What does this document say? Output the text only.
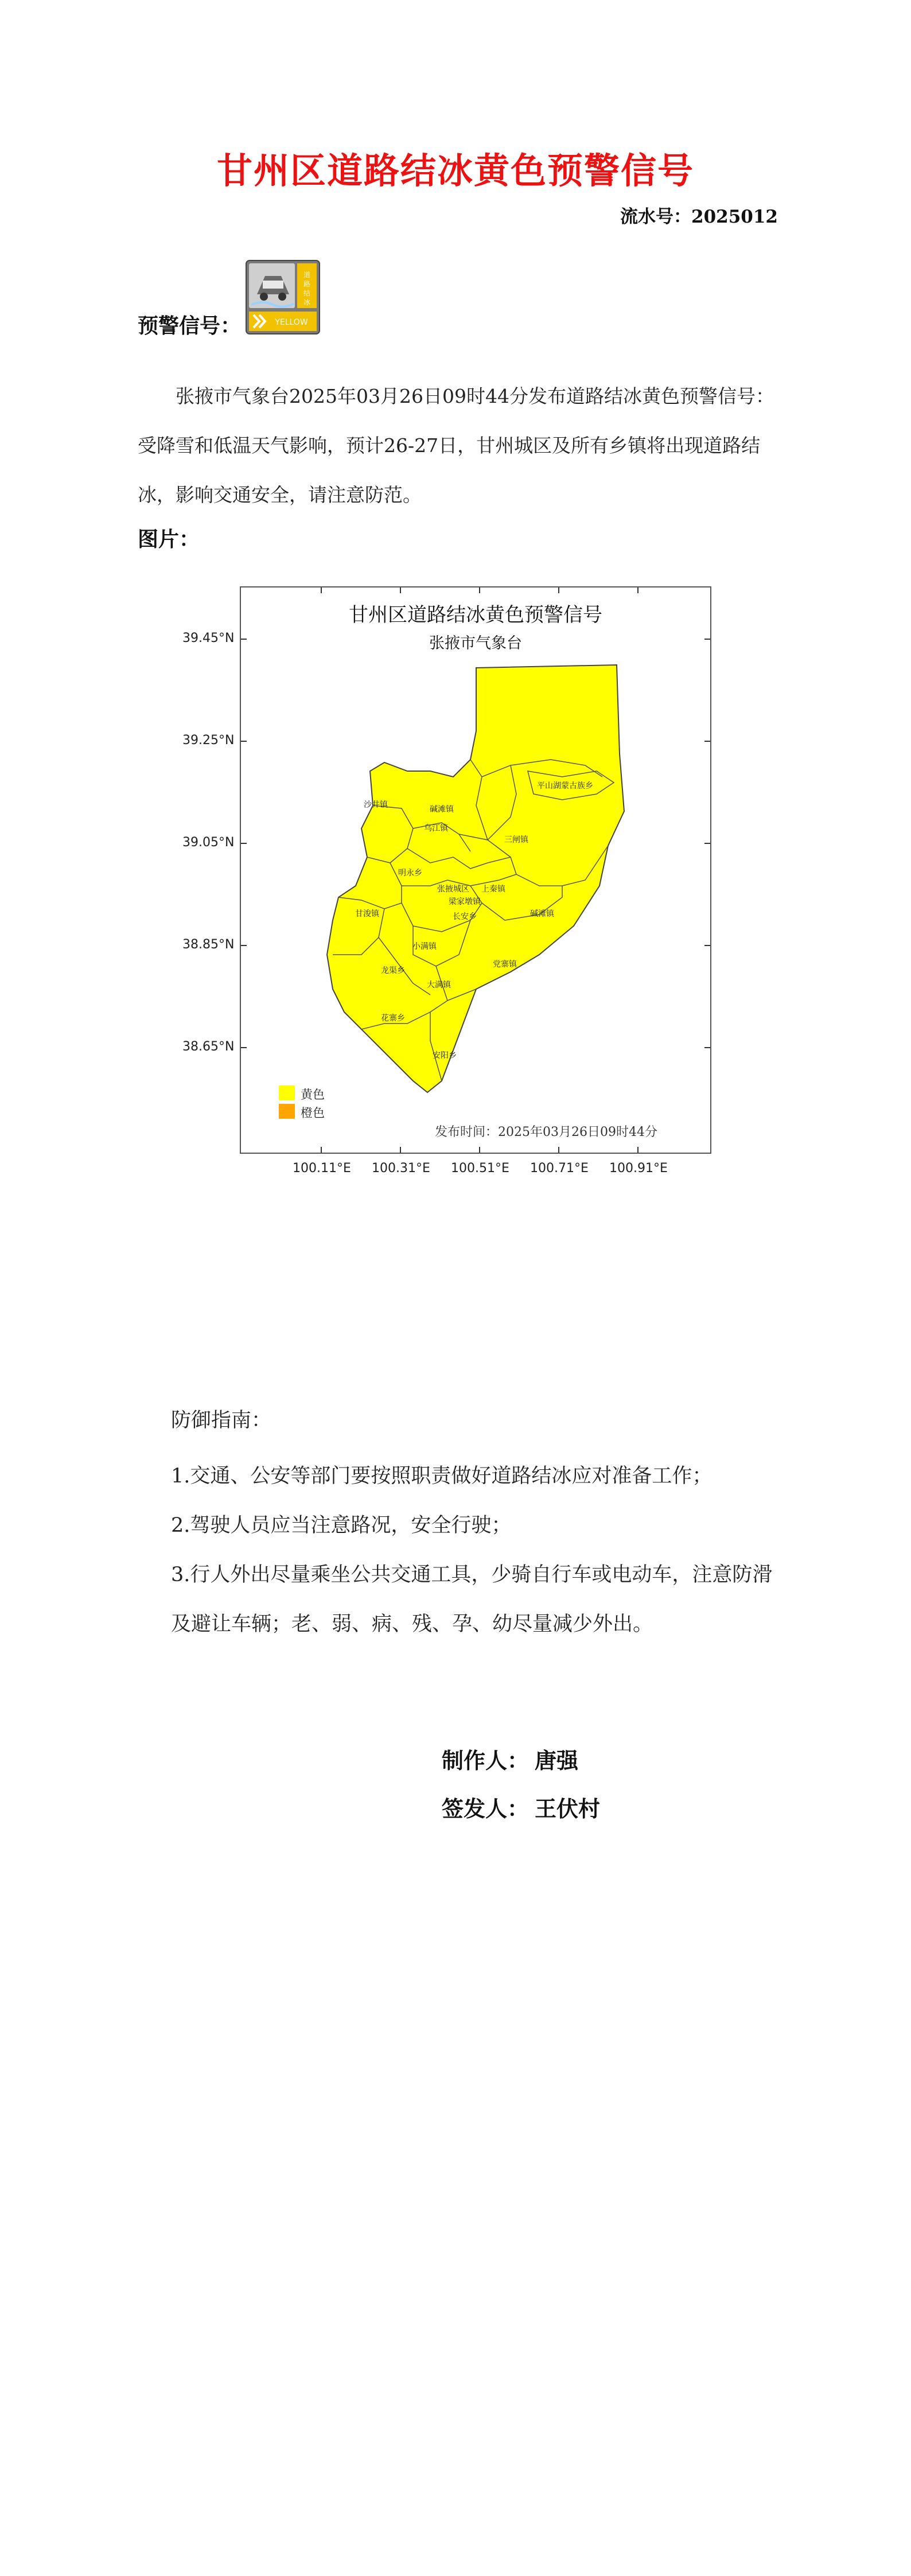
甘州区道路结冰黄色预警信号
流水号：2025012
预警信号：
道
路
结
冰
YELLOW
张掖市气象台2025年03月26日09时44分发布道路结冰黄色预警信号：受降雪和低温天气影响，预计26-27日，甘州城区及所有乡镇将出现道路结冰，影响交通安全，请注意防范。
图片：
平山湖蒙古族乡
沙井镇	碱滩镇
乌江镇
三闸镇
明永乡
张掖城区 上秦镇
梁家墩镇
甘浚镇	碱滩镇
长安乡
小满镇
党寨镇
龙渠乡
大满镇
花寨乡
安阳乡
甘州区道路结冰黄色预警信号
张掖市气象台
黄色
橙色
发布时间：2025年03月26日09时44分
39.45°N
39.25°N
39.05°N
38.85°N
38.65°N
100.11°E 100.31°E 100.51°E 100.71°E 100.91°E
防御指南：
1.交通、公安等部门要按照职责做好道路结冰应对准备工作；
2.驾驶人员应当注意路况，安全行驶；
3.行人外出尽量乘坐公共交通工具，少骑自行车或电动车，注意防滑及避让车辆；老、弱、病、残、孕、幼尽量减少外出。
制作人： 唐强
签发人： 王伏村
